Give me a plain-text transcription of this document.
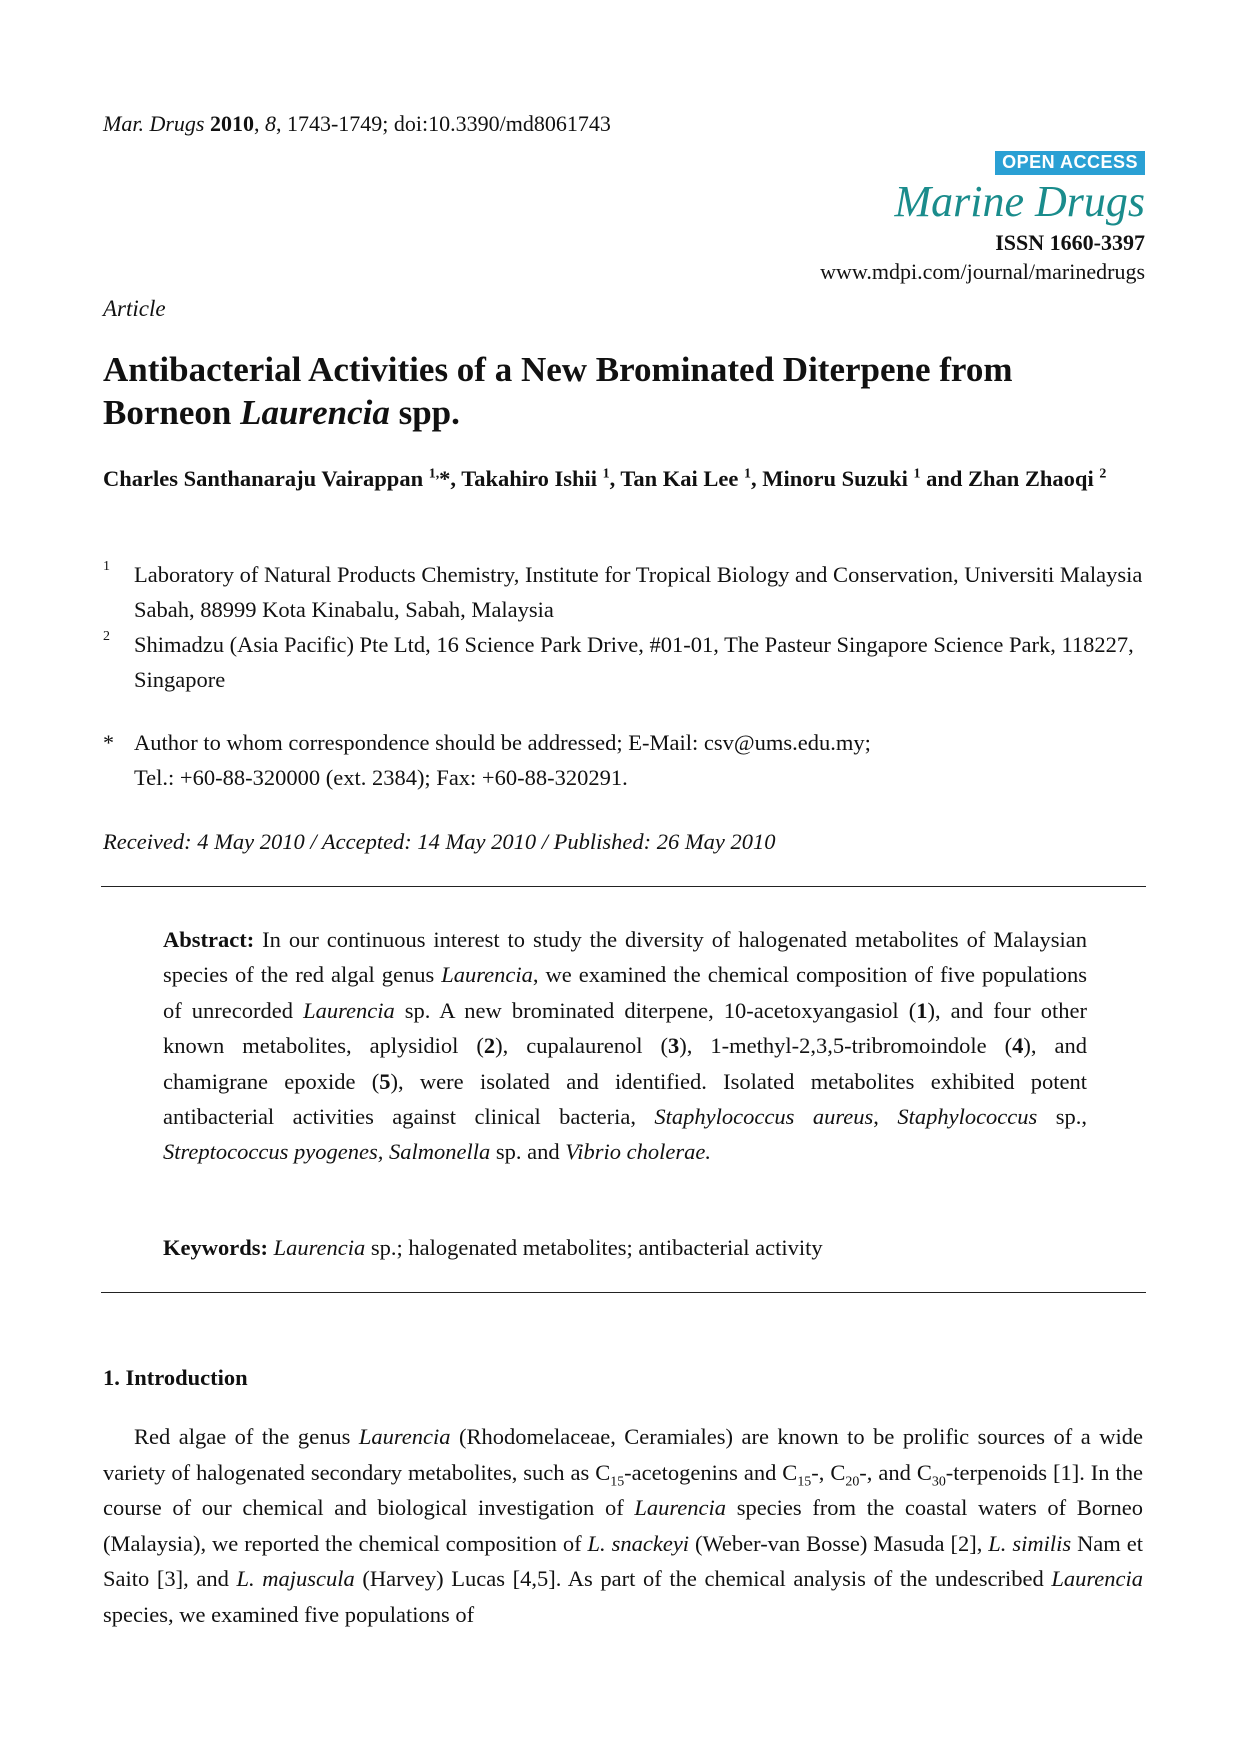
Mar. Drugs 2010, 8, 1743-1749; doi:10.3390/md8061743
OPEN ACCESS
Marine Drugs
ISSN 1660-3397
www.mdpi.com/journal/marinedrugs
Article
Antibacterial Activities of a New Brominated Diterpene from
Borneon Laurencia spp.
Charles Santhanaraju Vairappan $^{1,}$*, Takahiro Ishii $^1$, Tan Kai Lee $^1$, Minoru Suzuki $^1$ and Zhan Zhaoqi $^2$
1	Laboratory of Natural Products Chemistry, Institute for Tropical Biology and Conservation, Universiti Malaysia Sabah, 88999 Kota Kinabalu, Sabah, Malaysia
2	Shimadzu (Asia Pacific) Pte Ltd, 16 Science Park Drive, #01-01, The Pasteur Singapore Science Park, 118227, Singapore
* Author to whom correspondence should be addressed; E-Mail: csv@ums.edu.my;
Tel.: +60-88-320000 (ext. 2384); Fax: +60-88-320291.
Received: 4 May 2010 / Accepted: 14 May 2010 / Published: 26 May 2010
Abstract: In our continuous interest to study the diversity of halogenated metabolites of Malaysian species of the red algal genus Laurencia, we examined the chemical composition of five populations of unrecorded Laurencia sp. A new brominated diterpene, 10-acetoxyangasiol (1), and four other known metabolites, aplysidiol (2), cupalaurenol (3), 1-methyl-2,3,5-tribromoindole (4), and chamigrane epoxide (5), were isolated and identified. Isolated metabolites exhibited potent antibacterial activities against clinical bacteria, Staphylococcus aureus, Staphylococcus sp., Streptococcus pyogenes, Salmonella sp. and Vibrio cholerae.
Keywords: Laurencia sp.; halogenated metabolites; antibacterial activity
1. Introduction
Red algae of the genus Laurencia (Rhodomelaceae, Ceramiales) are known to be prolific sources of a wide variety of halogenated secondary metabolites, such as $C_{15}$-acetogenins and $C_{15}-$, $C_{20}-$, and $C_{30}$-terpenoids [1]. In the course of our chemical and biological investigation of Laurencia species from the coastal waters of Borneo (Malaysia), we reported the chemical composition of L. snackeyi (Weber-van Bosse) Masuda [2], L. similis Nam et Saito [3], and L. majuscula (Harvey) Lucas [4,5]. As part of the chemical analysis of the undescribed Laurencia species, we examined five populations of
